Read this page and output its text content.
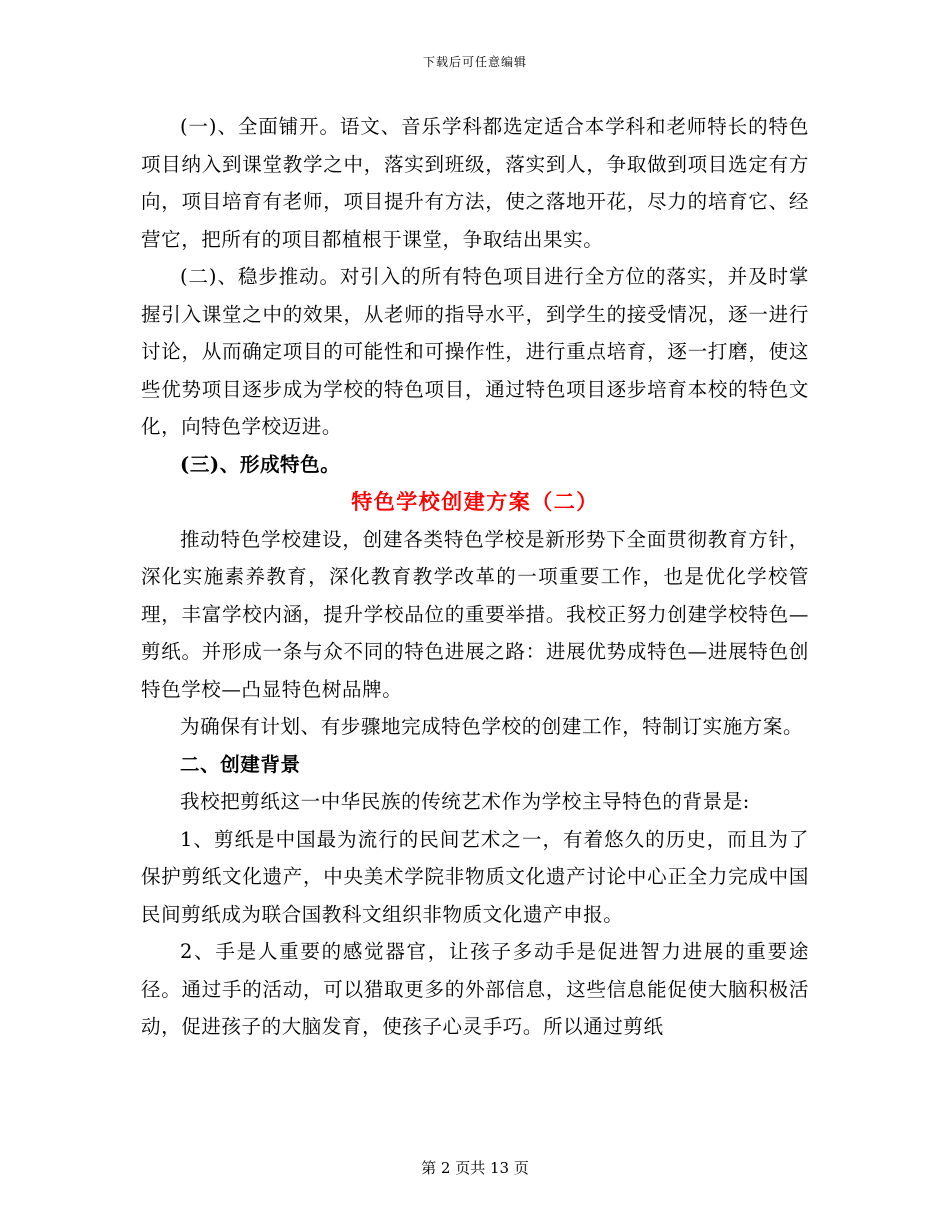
下载后可任意编辑

(一)、全面铺开。语文、音乐学科都选定适合本学科和老师特长的特色项目纳入到课堂教学之中，落实到班级，落实到人，争取做到项目选定有方向，项目培育有老师，项目提升有方法，使之落地开花，尽力的培育它、经营它，把所有的项目都植根于课堂，争取结出果实。

(二)、稳步推动。对引入的所有特色项目进行全方位的落实，并及时掌握引入课堂之中的效果，从老师的指导水平，到学生的接受情况，逐一进行讨论，从而确定项目的可能性和可操作性，进行重点培育，逐一打磨，使这些优势项目逐步成为学校的特色项目，通过特色项目逐步培育本校的特色文化，向特色学校迈进。

(三)、形成特色。

特色学校创建方案（二）

推动特色学校建设，创建各类特色学校是新形势下全面贯彻教育方针，深化实施素养教育，深化教育教学改革的一项重要工作，也是优化学校管理，丰富学校内涵，提升学校品位的重要举措。我校正努力创建学校特色—剪纸。并形成一条与众不同的特色进展之路：进展优势成特色—进展特色创特色学校—凸显特色树品牌。

为确保有计划、有步骤地完成特色学校的创建工作，特制订实施方案。

二、创建背景

我校把剪纸这一中华民族的传统艺术作为学校主导特色的背景是:

1、剪纸是中国最为流行的民间艺术之一，有着悠久的历史，而且为了保护剪纸文化遗产，中央美术学院非物质文化遗产讨论中心正全力完成中国民间剪纸成为联合国教科文组织非物质文化遗产申报。

2、手是人重要的感觉器官，让孩子多动手是促进智力进展的重要途径。通过手的活动，可以猎取更多的外部信息，这些信息能促使大脑积极活动，促进孩子的大脑发育，使孩子心灵手巧。所以通过剪纸

第 2 页共 13 页
